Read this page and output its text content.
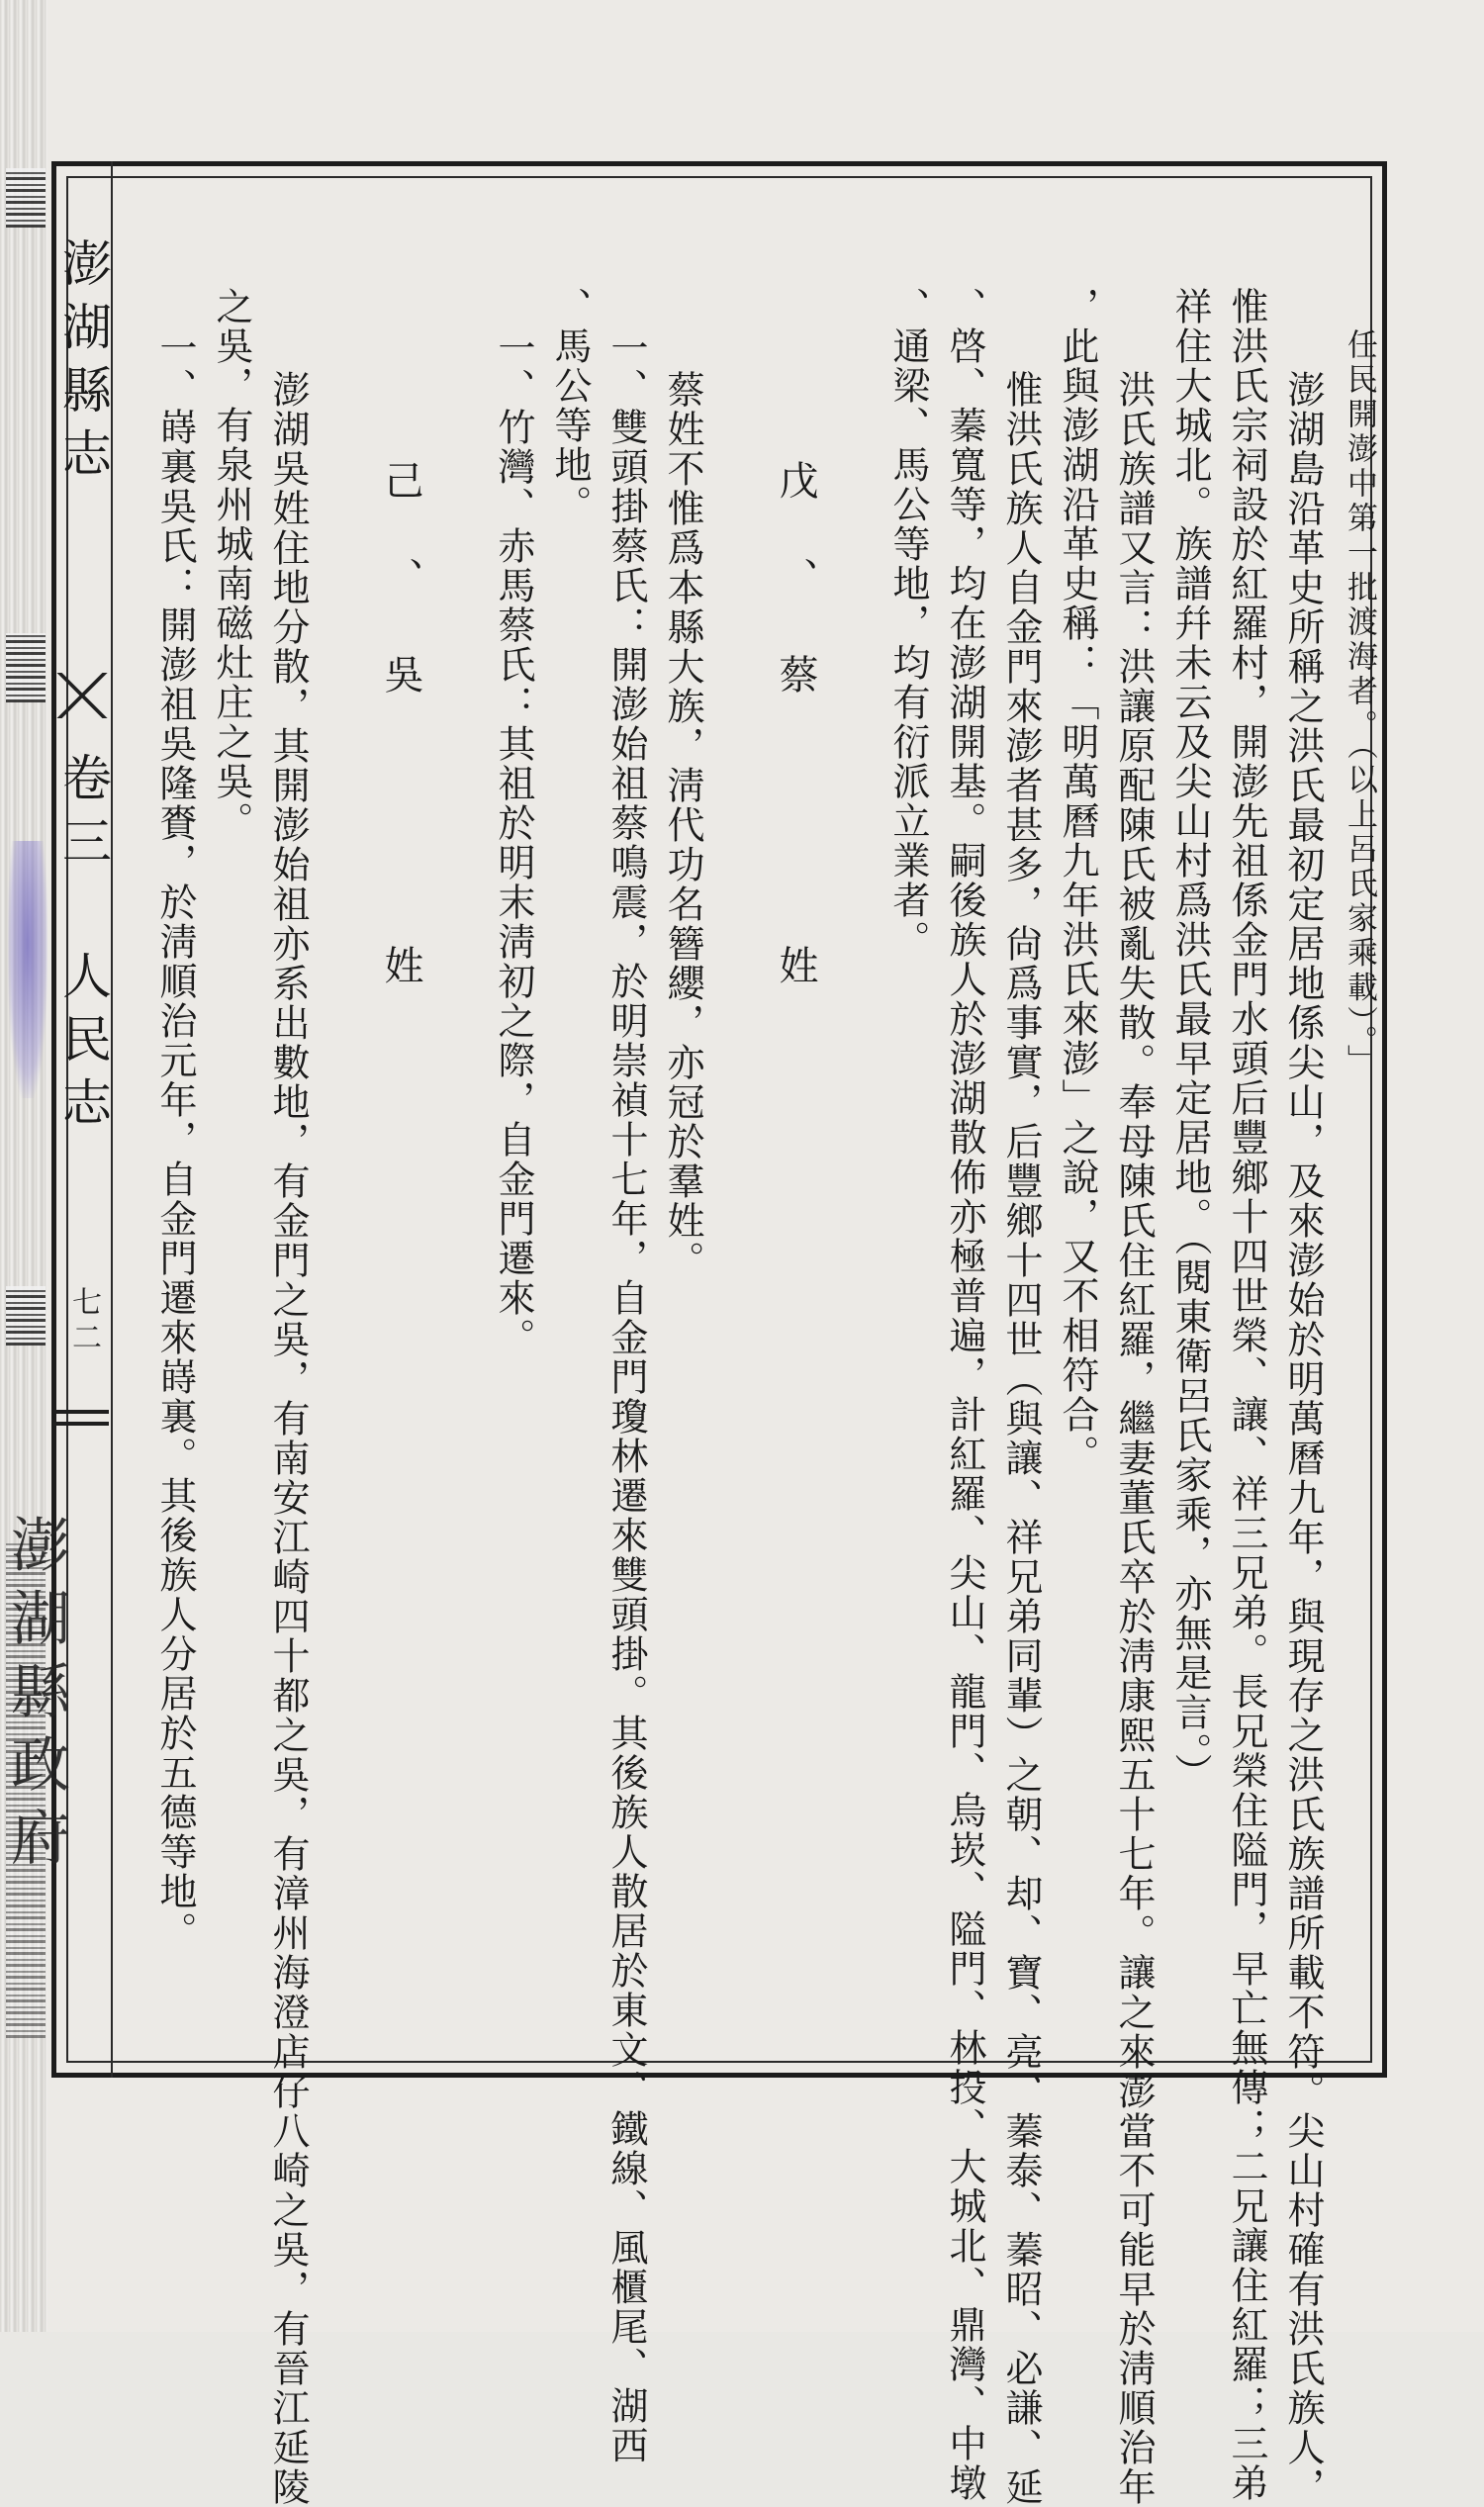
澎湖縣志
卷三 人民志
七二
澎湖縣政府
任民開澎中第一批渡海者。（以上呂氏家乘載）。」
澎湖島沿革史所稱之洪氏最初定居地係尖山，及來澎始於明萬曆九年，與現存之洪氏族譜所載不符。尖山村確有洪氏族人，
惟洪氏宗祠設於紅羅村，開澎先祖係金門水頭后豐鄉十四世榮、讓、祥三兄弟。長兄榮住隘門，早亡無傳；二兄讓住紅羅；三弟
祥住大城北。族譜幷未云及尖山村爲洪氏最早定居地。（閱東衛呂氏家乘，亦無是言。）
洪氏族譜又言：洪讓原配陳氏被亂失散。奉母陳氏住紅羅，繼妻董氏卒於淸康熙五十七年。讓之來澎當不可能早於淸順治年
，此與澎湖沿革史稱：「明萬曆九年洪氏來澎」之說，又不相符合。
惟洪氏族人自金門來澎者甚多，尙爲事實，后豐鄉十四世（與讓、祥兄弟同輩）之朝、却、寶、亮、蓁泰、蓁昭、必謙、延
、啓、蓁寬等，均在澎湖開基。嗣後族人於澎湖散佈亦極普遍，計紅羅、尖山、龍門、烏崁、隘門、林投、大城北、鼎灣、中墩
、通梁、馬公等地，均有衍派立業者。
戊、蔡　　姓
蔡姓不惟爲本縣大族，淸代功名簪纓，亦冠於羣姓。
一、雙頭掛蔡氏：開澎始祖蔡鳴震，於明崇禎十七年，自金門瓊林遷來雙頭掛。其後族人散居於東文、鐵線、風櫃尾、湖西
、馬公等地。
一、竹灣、赤馬蔡氏：其祖於明末淸初之際，自金門遷來。
己、吳　　姓
澎湖吳姓住地分散，其開澎始祖亦系出數地，有金門之吳，有南安江崎四十都之吳，有漳州海澄店仔八崎之吳，有晉江延陵
之吳，有泉州城南磁灶庄之吳。
一、嵵裏吳氏：開澎祖吳隆賚，於淸順治元年，自金門遷來嵵裏。其後族人分居於五德等地。
